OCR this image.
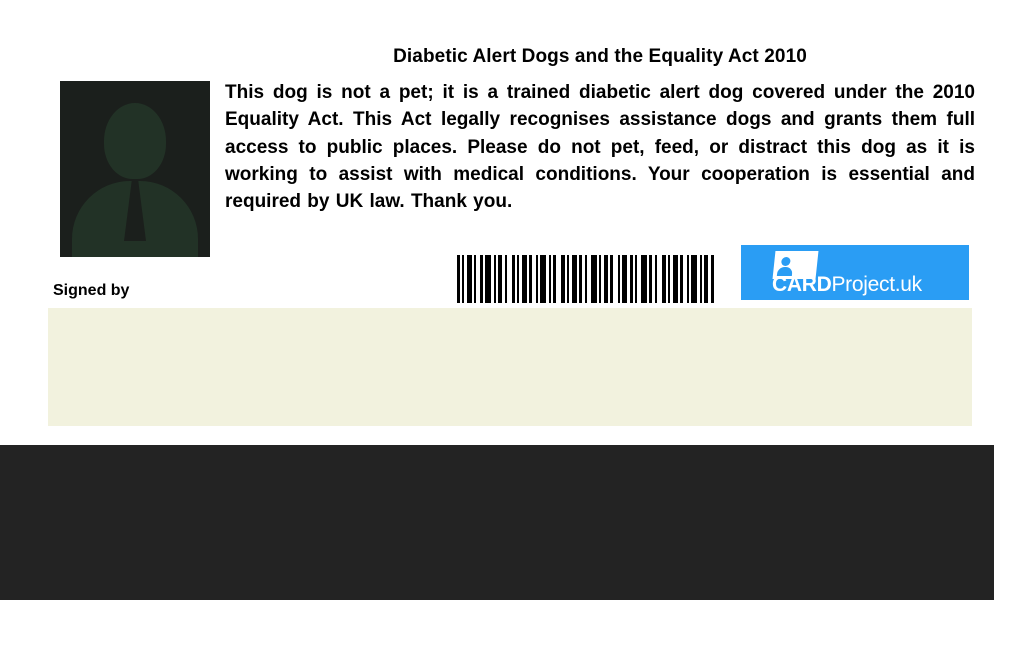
Diabetic Alert Dogs and the Equality Act 2010
This dog is not a pet; it is a trained diabetic alert dog covered under the 2010 Equality Act. This Act legally recognises assistance dogs and grants them full access to public places. Please do not pet, feed, or distract this dog as it is working to assist with medical conditions. Your cooperation is essential and required by UK law. Thank you.
Signed by
the
CARDProject.uk
